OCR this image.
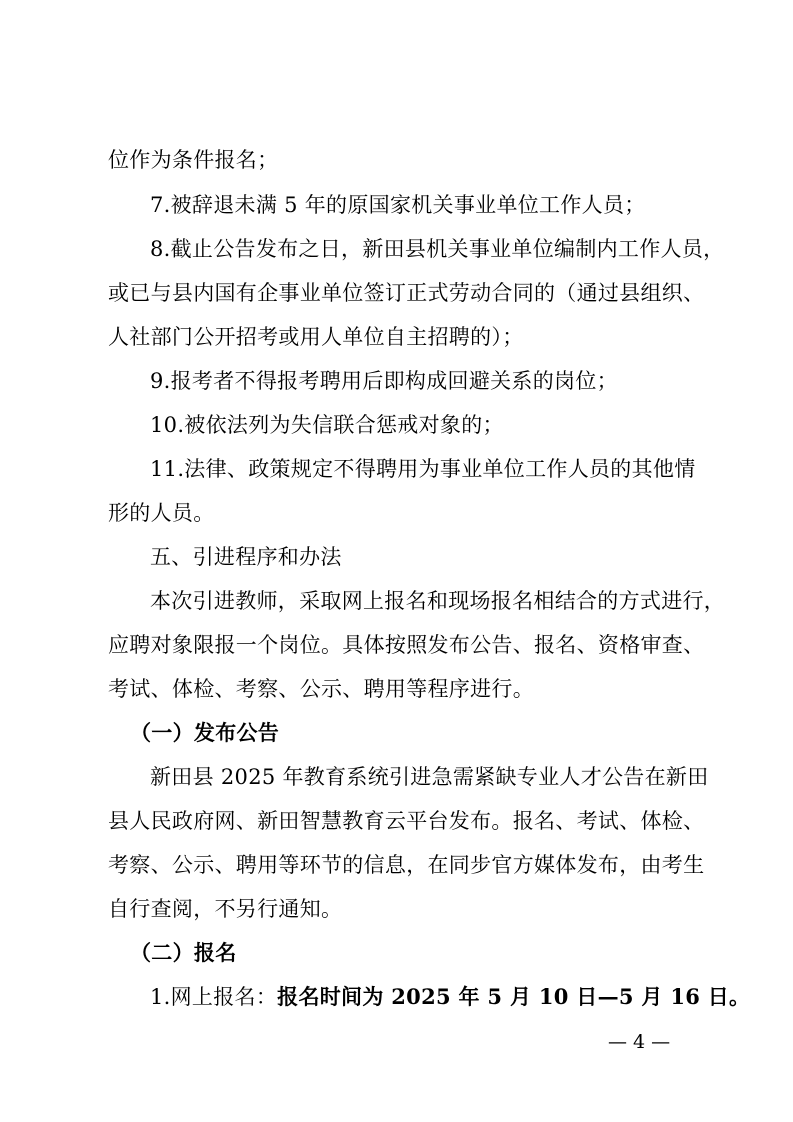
位作为条件报名；
7.被辞退未满 5 年的原国家机关事业单位工作人员；
8.截止公告发布之日，新田县机关事业单位编制内工作人员，
或已与县内国有企事业单位签订正式劳动合同的（通过县组织、
人社部门公开招考或用人单位自主招聘的）；
9.报考者不得报考聘用后即构成回避关系的岗位；
10.被依法列为失信联合惩戒对象的；
11.法律、政策规定不得聘用为事业单位工作人员的其他情
形的人员。
五、引进程序和办法
本次引进教师，采取网上报名和现场报名相结合的方式进行，
应聘对象限报一个岗位。具体按照发布公告、报名、资格审查、
考试、体检、考察、公示、聘用等程序进行。
（一）发布公告
新田县 2025 年教育系统引进急需紧缺专业人才公告在新田
县人民政府网、新田智慧教育云平台发布。报名、考试、体检、
考察、公示、聘用等环节的信息，在同步官方媒体发布，由考生
自行查阅，不另行通知。
（二）报名
1.网上报名：报名时间为 2025 年 5 月 10 日—5 月 16 日。
— 4 —
